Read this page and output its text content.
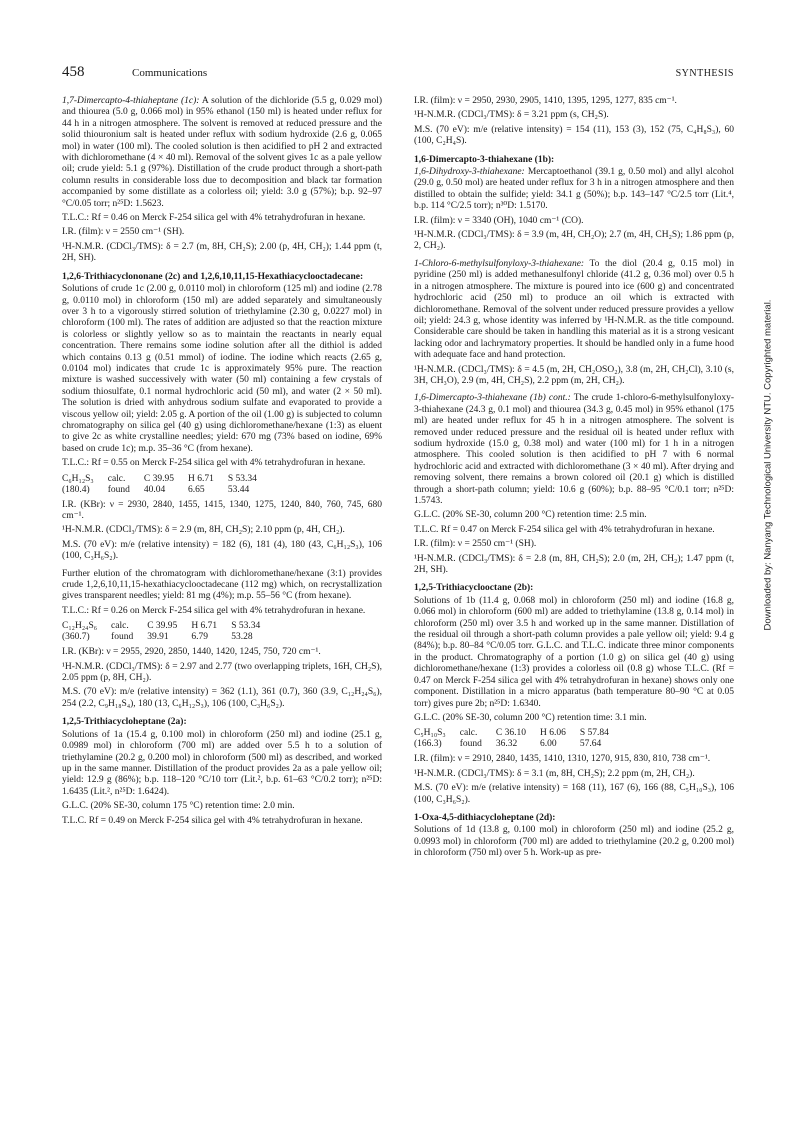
458	Communications	SYNTHESIS

1,7-Dimercapto-4-thiaheptane (1c): A solution of the dichloride (5.5 g, 0.029 mol) and thiourea (5.0 g, 0.066 mol) in 95% ethanol (150 ml) is heated under reflux for 44 h in a nitrogen atmosphere. The solvent is removed at reduced pressure and the solid thiouronium salt is heated under reflux with sodium hydroxide (2.6 g, 0.065 mol) in water (100 ml). The cooled solution is then acidified to pH 2 and extracted with dichloromethane (4 × 40 ml). Removal of the solvent gives 1c as a pale yellow oil; crude yield: 5.1 g (97%). Distillation of the crude product through a short-path column results in considerable loss due to decomposition and black tar formation accompanied by some distillate as a colorless oil; yield: 3.0 g (57%); b.p. 92–97 °C/0.05 torr; n²⁵D: 1.5623.

T.L.C.: Rf = 0.46 on Merck F-254 silica gel with 4% tetrahydrofuran in hexane.

I.R. (film): ν = 2550 cm⁻¹ (SH).

¹H-N.M.R. (CDCl₃/TMS): δ = 2.7 (m, 8H, CH₂S); 2.00 (p, 4H, CH₂); 1.44 ppm (t, 2H, SH).

1,2,6-Trithiacyclononane (2c) and 1,2,6,10,11,15-Hexathiacyclooctadecane:

Solutions of crude 1c (2.00 g, 0.0110 mol) in chloroform (125 ml) and iodine (2.78 g, 0.0110 mol) in chloroform (150 ml) are added separately and simultaneously over 3 h to a vigorously stirred solution of triethylamine (2.30 g, 0.0227 mol) in chloroform (100 ml). The rates of addition are adjusted so that the reaction mixture is colorless or slightly yellow so as to maintain the reactants in nearly equal concentration. There remains some iodine solution after all the dithiol is added which contains 0.13 g (0.51 mmol) of iodine. The iodine which reacts (2.65 g, 0.0104 mol) indicates that crude 1c is approximately 95% pure. The reaction mixture is washed successively with water (50 ml) containing a few crystals of sodium thiosulfate, 0.1 normal hydrochloric acid (50 ml), and water (2 × 50 ml). The solution is dried with anhydrous sodium sulfate and evaporated to provide a viscous yellow oil; yield: 2.05 g. A portion of the oil (1.00 g) is subjected to column chromatography on silica gel (40 g) using dichloromethane/hexane (1:3) as eluent to give 2c as white crystalline needles; yield: 670 mg (73% based on iodine, 69% based on crude 1c); m.p. 35–36 °C (from hexane).

T.L.C.: Rf = 0.55 on Merck F-254 silica gel with 4% tetrahydrofuran in hexane.

C₆H₁₂S₃	calc.	C 39.95	H 6.71	S 53.34
(180.4)	found	40.04	6.65	53.44

I.R. (KBr): ν = 2930, 2840, 1455, 1415, 1340, 1275, 1240, 840, 760, 745, 680 cm⁻¹.

¹H-N.M.R. (CDCl₃/TMS): δ = 2.9 (m, 8H, CH₂S); 2.10 ppm (p, 4H, CH₂).

M.S. (70 eV): m/e (relative intensity) = 182 (6), 181 (4), 180 (43, C₆H₁₂S₃), 106 (100, C₃H₆S₂).

Further elution of the chromatogram with dichloromethane/hexane (3:1) provides crude 1,2,6,10,11,15-hexathiacyclooctadecane (112 mg) which, on recrystallization gives transparent needles; yield: 81 mg (4%); m.p. 55–56 °C (from hexane).

T.L.C.: Rf = 0.26 on Merck F-254 silica gel with 4% tetrahydrofuran in hexane.

C₁₂H₂₄S₆	calc.	C 39.95	H 6.71	S 53.34
(360.7)	found	39.91	6.79	53.28

I.R. (KBr): ν = 2955, 2920, 2850, 1440, 1420, 1245, 750, 720 cm⁻¹.

¹H-N.M.R. (CDCl₃/TMS): δ = 2.97 and 2.77 (two overlapping triplets, 16H, CH₂S), 2.05 ppm (p, 8H, CH₂).

M.S. (70 eV): m/e (relative intensity) = 362 (1.1), 361 (0.7), 360 (3.9, C₁₂H₂₄S₆), 254 (2.2, C₉H₁₈S₄), 180 (13, C₆H₁₂S₃), 106 (100, C₃H₆S₂).

1,2,5-Trithiacycloheptane (2a):

Solutions of 1a (15.4 g, 0.100 mol) in chloroform (250 ml) and iodine (25.1 g, 0.0989 mol) in chloroform (700 ml) are added over 5.5 h to a solution of triethylamine (20.2 g, 0.200 mol) in chloroform (500 ml) as described, and worked up in the same manner. Distillation of the product provides 2a as a pale yellow oil; yield: 12.9 g (86%); b.p. 118–120 °C/10 torr (Lit.², b.p. 61–63 °C/0.2 torr); n²⁵D: 1.6435 (Lit.², n²⁵D: 1.6424).

G.L.C. (20% SE-30, column 175 °C) retention time: 2.0 min.

T.L.C. Rf = 0.49 on Merck F-254 silica gel with 4% tetrahydrofuran in hexane.

I.R. (film): ν = 2950, 2930, 2905, 1410, 1395, 1295, 1277, 835 cm⁻¹.

¹H-N.M.R. (CDCl₃/TMS): δ = 3.21 ppm (s, CH₂S).

M.S. (70 eV): m/e (relative intensity) = 154 (11), 153 (3), 152 (75, C₄H₈S₃), 60 (100, C₂H₄S).

1,6-Dimercapto-3-thiahexane (1b):

1,6-Dihydroxy-3-thiahexane: Mercaptoethanol (39.1 g, 0.50 mol) and allyl alcohol (29.0 g, 0.50 mol) are heated under reflux for 3 h in a nitrogen atmosphere and then distilled to obtain the sulfide; yield: 34.1 g (50%); b.p. 143–147 °C/2.5 torr (Lit.⁴, b.p. 114 °C/2.5 torr); n³⁰D: 1.5170.

I.R. (film): ν = 3340 (OH), 1040 cm⁻¹ (CO).

¹H-N.M.R. (CDCl₃/TMS): δ = 3.9 (m, 4H, CH₂O); 2.7 (m, 4H, CH₂S); 1.86 ppm (p, 2, CH₂).

1-Chloro-6-methylsulfonyloxy-3-thiahexane: To the diol (20.4 g, 0.15 mol) in pyridine (250 ml) is added methanesulfonyl chloride (41.2 g, 0.36 mol) over 0.5 h in a nitrogen atmosphere. The mixture is poured into ice (600 g) and concentrated hydrochloric acid (250 ml) to produce an oil which is extracted with dichloromethane. Removal of the solvent under reduced pressure provides a yellow oil; yield: 24.3 g, whose identity was inferred by ¹H-N.M.R. as the title compound. Considerable care should be taken in handling this material as it is a strong vesicant lacking odor and lachrymatory properties. It should be handled only in a fume hood with adequate face and hand protection.

¹H-N.M.R. (CDCl₃/TMS): δ = 4.5 (m, 2H, CH₂OSO₂), 3.8 (m, 2H, CH₂Cl), 3.10 (s, 3H, CH₃O), 2.9 (m, 4H, CH₂S), 2.2 ppm (m, 2H, CH₂).

1,6-Dimercapto-3-thiahexane (1b) cont.: The crude 1-chloro-6-methylsulfonyloxy-3-thiahexane (24.3 g, 0.1 mol) and thiourea (34.3 g, 0.45 mol) in 95% ethanol (175 ml) are heated under reflux for 45 h in a nitrogen atmosphere. The solvent is removed under reduced pressure and the residual oil is heated under reflux with sodium hydroxide (15.0 g, 0.38 mol) and water (100 ml) for 1 h in a nitrogen atmosphere. This cooled solution is then acidified to pH 7 with 6 normal hydrochloric acid and extracted with dichloromethane (3 × 40 ml). After drying and removing solvent, there remains a brown colored oil (20.1 g) which is distilled through a short-path column; yield: 10.6 g (60%); b.p. 88–95 °C/0.1 torr; n²⁵D: 1.5743.

G.L.C. (20% SE-30, column 200 °C) retention time: 2.5 min.

T.L.C. Rf = 0.47 on Merck F-254 silica gel with 4% tetrahydrofuran in hexane.

I.R. (film): ν = 2550 cm⁻¹ (SH).

¹H-N.M.R. (CDCl₃/TMS): δ = 2.8 (m, 8H, CH₂S); 2.0 (m, 2H, CH₂); 1.47 ppm (t, 2H, SH).

1,2,5-Trithiacyclooctane (2b):

Solutions of 1b (11.4 g, 0.068 mol) in chloroform (250 ml) and iodine (16.8 g, 0.066 mol) in chloroform (600 ml) are added to triethylamine (13.8 g, 0.14 mol) in chloroform (250 ml) over 3.5 h and worked up in the same manner. Distillation of the residual oil through a short-path column provides a pale yellow oil; yield: 9.4 g (84%); b.p. 80–84 °C/0.05 torr. G.L.C. and T.L.C. indicate three minor components in the product. Chromatography of a portion (1.0 g) on silica gel (40 g) using dichloromethane/hexane (1:3) provides a colorless oil (0.8 g) whose T.L.C. (Rf = 0.47 on Merck F-254 silica gel with 4% tetrahydrofuran in hexane) shows only one component. Distillation in a micro apparatus (bath temperature 80–90 °C at 0.05 torr) gives pure 2b; n²⁵D: 1.6340.

G.L.C. (20% SE-30, column 200 °C) retention time: 3.1 min.

C₅H₁₀S₃	calc.	C 36.10	H 6.06	S 57.84
(166.3)	found	36.32	6.00	57.64

I.R. (film): ν = 2910, 2840, 1435, 1410, 1310, 1270, 915, 830, 810, 738 cm⁻¹.

¹H-N.M.R. (CDCl₃/TMS): δ = 3.1 (m, 8H, CH₂S); 2.2 ppm (m, 2H, CH₂).

M.S. (70 eV): m/e (relative intensity) = 168 (11), 167 (6), 166 (88, C₅H₁₀S₃), 106 (100, C₃H₆S₂).

1-Oxa-4,5-dithiacycloheptane (2d):

Solutions of 1d (13.8 g, 0.100 mol) in chloroform (250 ml) and iodine (25.2 g, 0.0993 mol) in chloroform (700 ml) are added to triethylamine (20.2 g, 0.200 mol) in chloroform (750 ml) over 5 h. Work-up as pre-

Downloaded by: Nanyang Technological University NTU. Copyrighted material.
